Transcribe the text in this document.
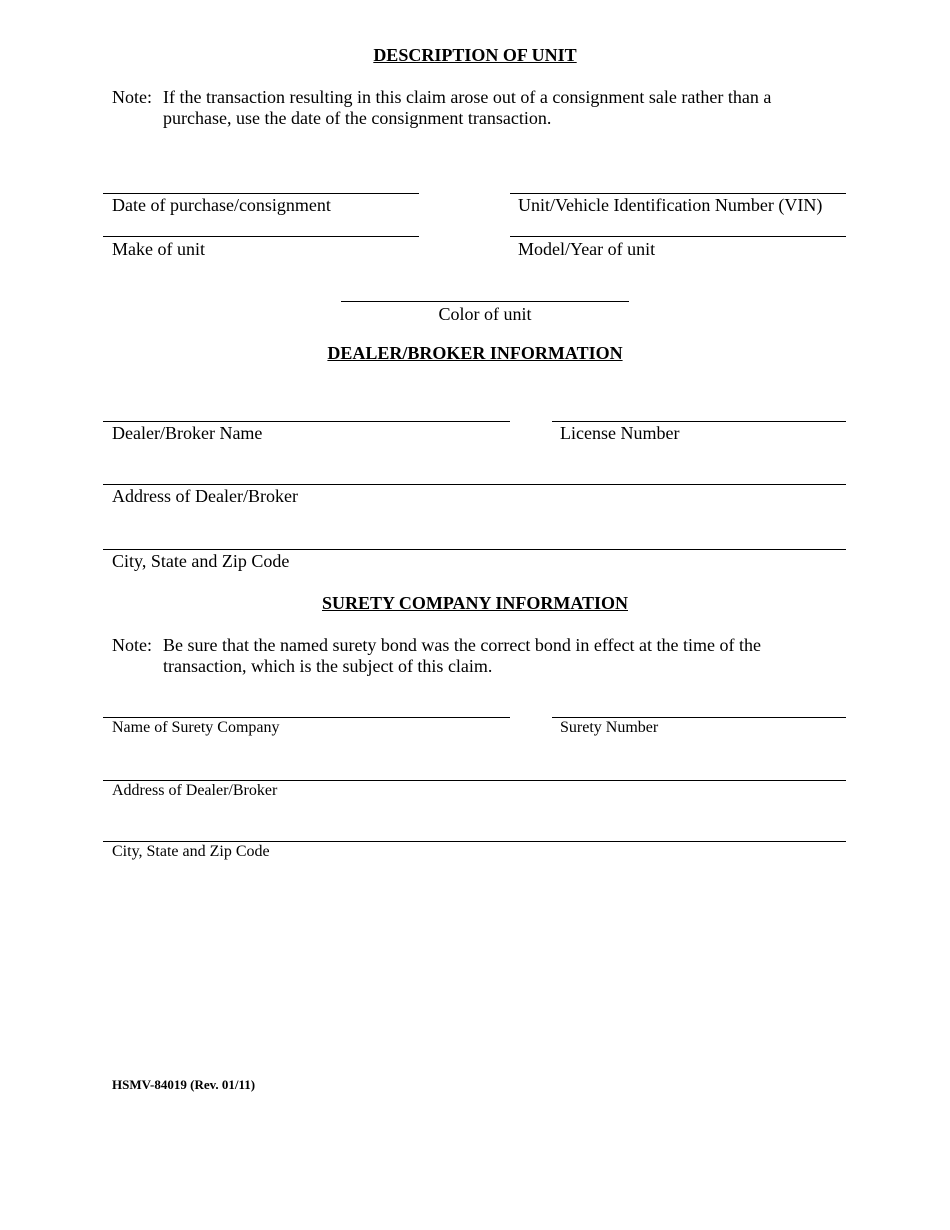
DESCRIPTION OF UNIT
Note: If the transaction resulting in this claim arose out of a consignment sale rather than a purchase, use the date of the consignment transaction.
Date of purchase/consignment	Unit/Vehicle Identification Number (VIN)
Make of unit	Model/Year of unit
Color of unit
DEALER/BROKER INFORMATION
Dealer/Broker Name	License Number
Address of Dealer/Broker
City, State and Zip Code
SURETY COMPANY INFORMATION
Note: Be sure that the named surety bond was the correct bond in effect at the time of the transaction, which is the subject of this claim.
Name of Surety Company	Surety Number
Address of Dealer/Broker
City, State and Zip Code
HSMV-84019 (Rev. 01/11)
